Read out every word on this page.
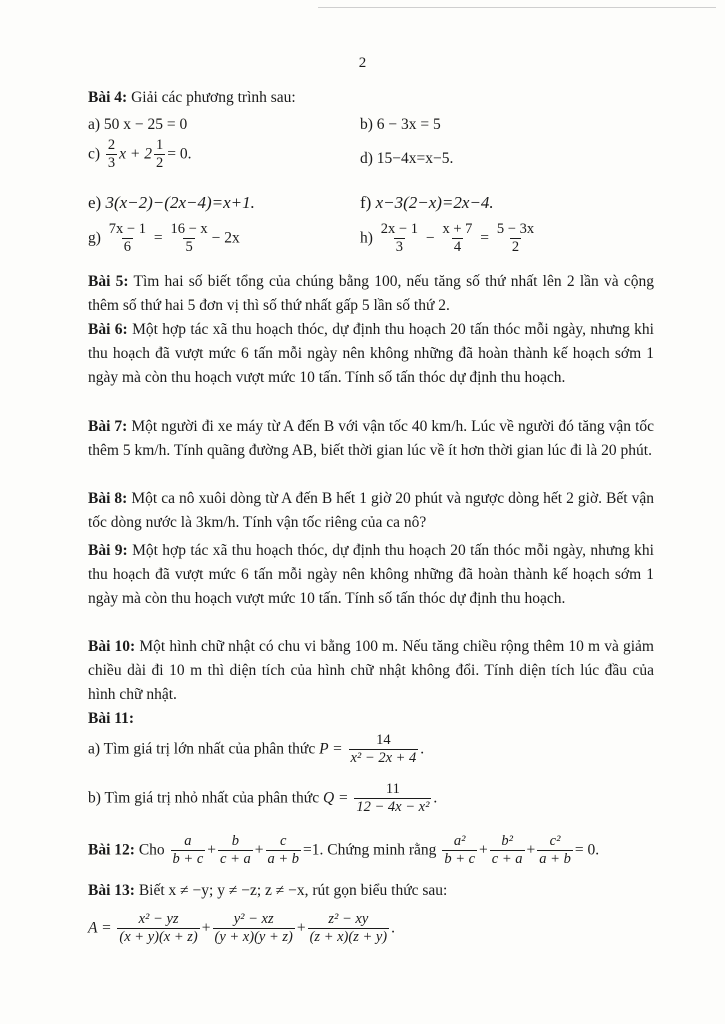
2
Bài 4: Giải các phương trình sau:
a) 50 x − 25 = 0	b) 6 − 3x = 5
$c) \frac{2}{3}$ $x + 2 \frac{1}{2} = 0$.	d) 15−4x=x−5.
e) 3(x−2)−(2x−4)=x+1.	f) x−3(2−x)=2x−4.
$g) \frac{7x - 1}{6} = \frac{16 - x}{5} - 2x$	$h) \frac{2x - 1}{3} - \frac{x + 7}{4} = \frac{5 - 3x}{2}$
Bài 5: Tìm hai số biết tổng của chúng bằng 100, nếu tăng số thứ nhất lên 2 lần và cộng thêm số thứ hai 5 đơn vị thì số thứ nhất gấp 5 lần số thứ 2.
Bài 6: Một hợp tác xã thu hoạch thóc, dự định thu hoạch 20 tấn thóc mỗi ngày, nhưng khi thu hoạch đã vượt mức 6 tấn mỗi ngày nên không những đã hoàn thành kế hoạch sớm 1 ngày mà còn thu hoạch vượt mức 10 tấn. Tính số tấn thóc dự định thu hoạch.
Bài 7: Một người đi xe máy từ A đến B với vận tốc 40 km/h. Lúc về người đó tăng vận tốc thêm 5 km/h. Tính quãng đường AB, biết thời gian lúc về ít hơn thời gian lúc đi là 20 phút.
Bài 8: Một ca nô xuôi dòng từ A đến B hết 1 giờ 20 phút và ngược dòng hết 2 giờ. Bết vận tốc dòng nước là 3km/h. Tính vận tốc riêng của ca nô?
Bài 9: Một hợp tác xã thu hoạch thóc, dự định thu hoạch 20 tấn thóc mỗi ngày, nhưng khi thu hoạch đã vượt mức 6 tấn mỗi ngày nên không những đã hoàn thành kế hoạch sớm 1 ngày mà còn thu hoạch vượt mức 10 tấn. Tính số tấn thóc dự định thu hoạch.
Bài 10: Một hình chữ nhật có chu vi bằng 100 m. Nếu tăng chiều rộng thêm 10 m và giảm chiều dài đi 10 m thì diện tích của hình chữ nhật không đổi. Tính diện tích lúc đầu của hình chữ nhật.
Bài 11:
a) Tìm giá trị lớn nhất của phân thức $P = \frac{14}{\text{x² − 2x + 4}}$ .
b) Tìm giá trị nhỏ nhất của phân thức $Q = \frac{11}{\text{12 − 4x − x²}}$ .
Bài 12: Cho $\frac{a}{b + c} + \frac{b}{c + a} + \frac{c}{a + b} =1$. Chứng minh rằng $\frac{\text{a²}}{b + c} + \frac{\text{b²}}{c + a} + \frac{\text{c²}}{a + b} = 0$.
Bài 13: Biết x ≠ −y; y ≠ −z; z ≠ −x, rút gọn biểu thức sau:
$A = \frac{\text{x² − yz}}{(x + y)(x + z)} + \frac{\text{y² − xz}}{(y + x)(y + z)} + \frac{\text{z² − xy}}{(z + x)(z + y)}$ .
